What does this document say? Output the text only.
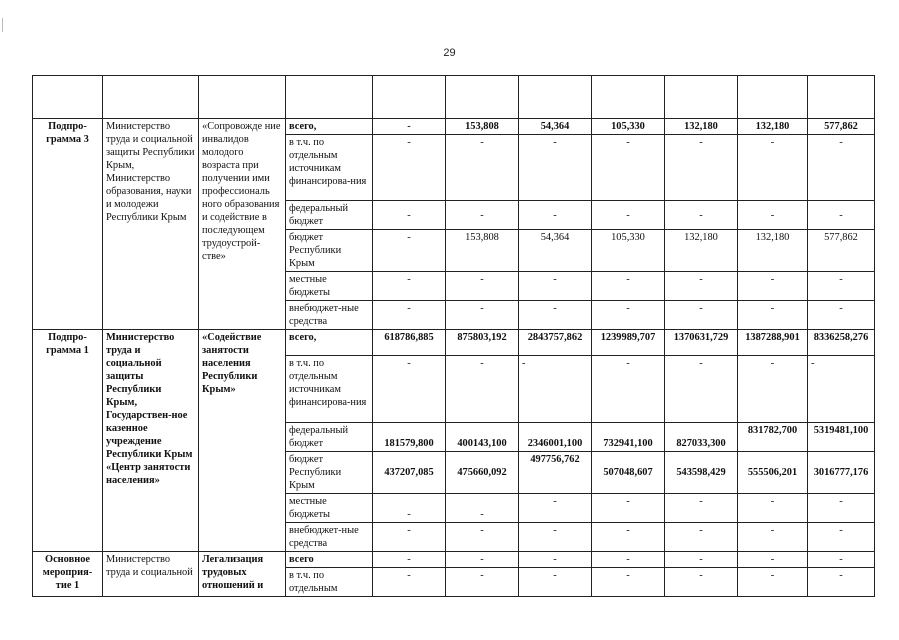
29

Подпро-грамма 3	Министерство труда и социальной защиты Республики Крым, Министерство образования, науки и молодежи Республики Крым	«Сопровожде ние инвалидов молодого возраста при получении ими профессиональ ного образования и содействие в последующем трудоустрой-стве»	всего,	-	153,808	54,364	105,330	132,180	132,180	577,862
			в т.ч. по отдельным источникам финансирова-ния	-	-	-	-	-	-	-
			федеральный бюджет	-	-	-	-	-	-	-
			бюджет Республики Крым	-	153,808	54,364	105,330	132,180	132,180	577,862
			местные бюджеты	-	-	-	-	-	-	-
			внебюджет-ные средства	-	-	-	-	-	-	-
Подпро-грамма 1	Министерство труда и социальной защиты Республики Крым, Государствен-ное казенное учреждение Республики Крым «Центр занятости населения»	«Содействие занятости населения Республики Крым»	всего,	618786,885	875803,192	2843757,862	1239989,707	1370631,729	1387288,901	8336258,276
			в т.ч. по отдельным источникам финансирова-ния	-	-	-	-	-	-	-
			федеральный бюджет	181579,800	400143,100	2346001,100	732941,100	827033,300	831782,700	5319481,100
			бюджет Республики Крым	437207,085	475660,092	497756,762	507048,607	543598,429	555506,201	3016777,176
			местные бюджеты	-	-	-	-	-	-	-
			внебюджет-ные средства	-	-	-	-	-	-	-
Основное мероприя-тие 1	Министерство труда и социальной	Легализация трудовых отношений и	всего	-	-	-	-	-	-	-
			в т.ч. по отдельным	-	-	-	-	-	-	-
